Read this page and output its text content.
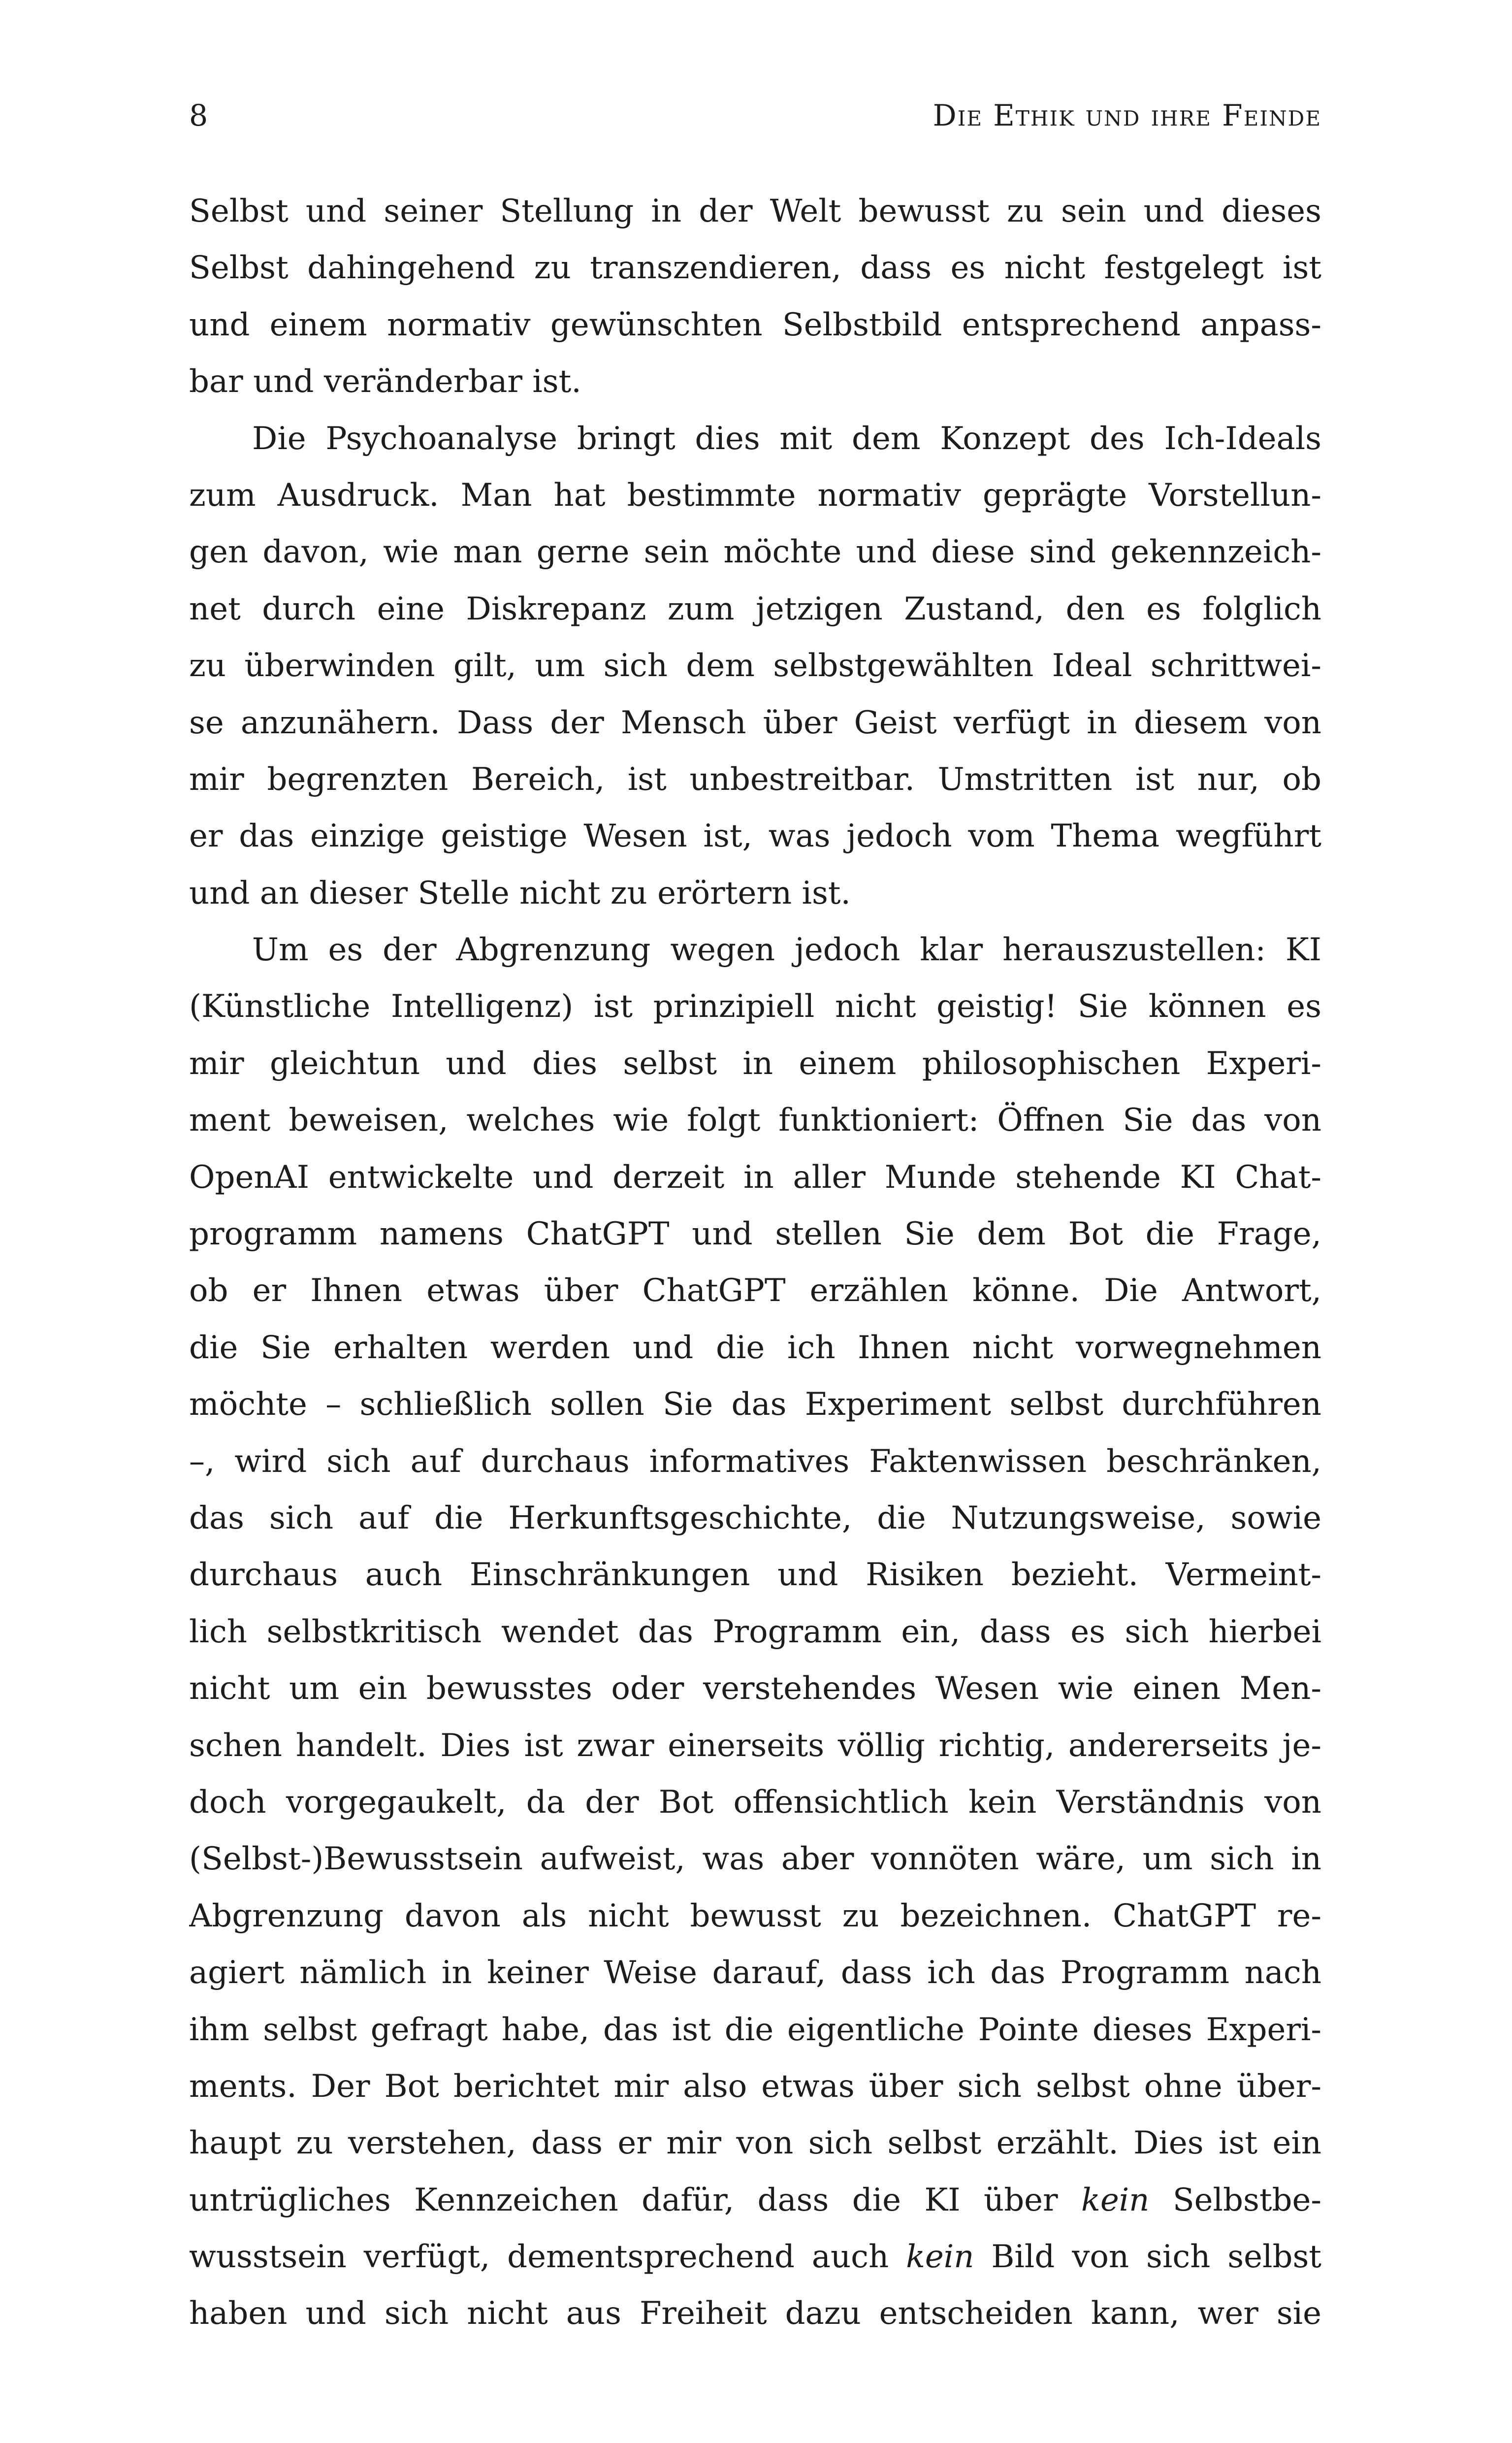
8	Die Ethik und ihre Feinde
Selbst und seiner Stellung in der Welt bewusst zu sein und dieses
Selbst dahingehend zu transzendieren, dass es nicht festgelegt ist
und einem normativ gewünschten Selbstbild entsprechend anpass-
bar und veränderbar ist.
Die Psychoanalyse bringt dies mit dem Konzept des Ich-Ideals
zum Ausdruck. Man hat bestimmte normativ geprägte Vorstellun-
gen davon, wie man gerne sein möchte und diese sind gekennzeich-
net durch eine Diskrepanz zum jetzigen Zustand, den es folglich
zu überwinden gilt, um sich dem selbstgewählten Ideal schrittwei-
se anzunähern. Dass der Mensch über Geist verfügt in diesem von
mir begrenzten Bereich, ist unbestreitbar. Umstritten ist nur, ob
er das einzige geistige Wesen ist, was jedoch vom Thema wegführt
und an dieser Stelle nicht zu erörtern ist.
Um es der Abgrenzung wegen jedoch klar herauszustellen: KI
(Künstliche Intelligenz) ist prinzipiell nicht geistig! Sie können es
mir gleichtun und dies selbst in einem philosophischen Experi-
ment beweisen, welches wie folgt funktioniert: Öffnen Sie das von
OpenAI entwickelte und derzeit in aller Munde stehende KI Chat-
programm namens ChatGPT und stellen Sie dem Bot die Frage,
ob er Ihnen etwas über ChatGPT erzählen könne. Die Antwort,
die Sie erhalten werden und die ich Ihnen nicht vorwegnehmen
möchte – schließlich sollen Sie das Experiment selbst durchführen
–, wird sich auf durchaus informatives Faktenwissen beschränken,
das sich auf die Herkunftsgeschichte, die Nutzungsweise, sowie
durchaus auch Einschränkungen und Risiken bezieht. Vermeint-
lich selbstkritisch wendet das Programm ein, dass es sich hierbei
nicht um ein bewusstes oder verstehendes Wesen wie einen Men-
schen handelt. Dies ist zwar einerseits völlig richtig, andererseits je-
doch vorgegaukelt, da der Bot offensichtlich kein Verständnis von
(Selbst-)Bewusstsein aufweist, was aber vonnöten wäre, um sich in
Abgrenzung davon als nicht bewusst zu bezeichnen. ChatGPT re-
agiert nämlich in keiner Weise darauf, dass ich das Programm nach
ihm selbst gefragt habe, das ist die eigentliche Pointe dieses Experi-
ments. Der Bot berichtet mir also etwas über sich selbst ohne über-
haupt zu verstehen, dass er mir von sich selbst erzählt. Dies ist ein
untrügliches Kennzeichen dafür, dass die KI über kein Selbstbe-
wusstsein verfügt, dementsprechend auch kein Bild von sich selbst
haben und sich nicht aus Freiheit dazu entscheiden kann, wer sie
